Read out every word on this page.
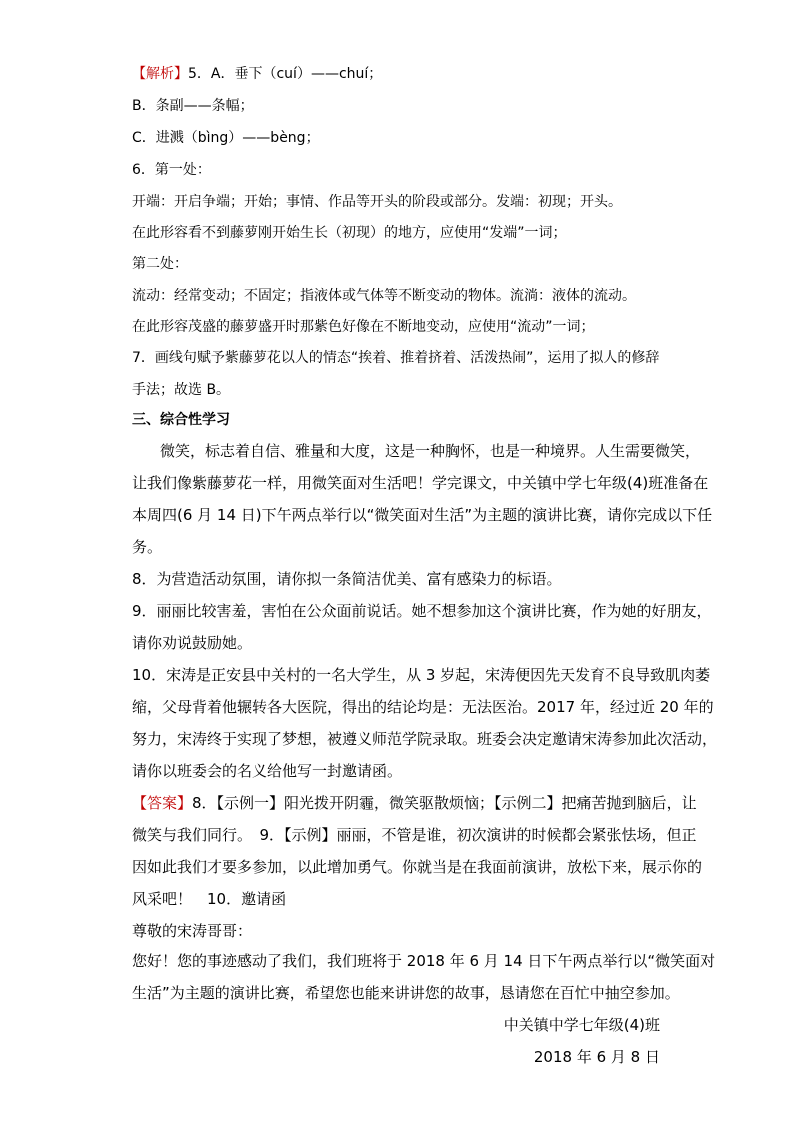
【解析】5．A．垂下（cuí）——chuí；
B．条副——条幅；
C．进溅（bìng）——bèng；
6．第一处：
开端：开启争端；开始；事情、作品等开头的阶段或部分。发端：初现；开头。
在此形容看不到藤萝刚开始生长（初现）的地方，应使用“发端”一词；
第二处：
流动：经常变动；不固定；指液体或气体等不断变动的物体。流淌：液体的流动。
在此形容茂盛的藤萝盛开时那紫色好像在不断地变动，应使用“流动”一词；
7．画线句赋予紫藤萝花以人的情态“挨着、推着挤着、活泼热闹”，运用了拟人的修辞
手法；故选 B。
三、综合性学习
微笑，标志着自信、雅量和大度，这是一种胸怀，也是一种境界。人生需要微笑，
让我们像紫藤萝花一样，用微笑面对生活吧！学完课文，中关镇中学七年级(4)班准备在
本周四(6 月 14 日)下午两点举行以“微笑面对生活”为主题的演讲比赛，请你完成以下任
务。
8．为营造活动氛围，请你拟一条简洁优美、富有感染力的标语。
9．丽丽比较害羞，害怕在公众面前说话。她不想参加这个演讲比赛，作为她的好朋友，
请你劝说鼓励她。
10．宋涛是正安县中关村的一名大学生，从 3 岁起，宋涛便因先天发育不良导致肌肉萎
缩，父母背着他辗转各大医院，得出的结论均是：无法医治。2017 年，经过近 20 年的
努力，宋涛终于实现了梦想，被遵义师范学院录取。班委会决定邀请宋涛参加此次活动，
请你以班委会的名义给他写一封邀请函。
【答案】8．【示例一】阳光拨开阴霾，微笑驱散烦恼；【示例二】把痛苦抛到脑后，让
微笑与我们同行。　9．【示例】丽丽，不管是谁，初次演讲的时候都会紧张怯场，但正
因如此我们才要多参加，以此增加勇气。你就当是在我面前演讲，放松下来，展示你的
风采吧！　10．邀请函
尊敬的宋涛哥哥：
您好！您的事迹感动了我们，我们班将于 2018 年 6 月 14 日下午两点举行以“微笑面对
生活”为主题的演讲比赛，希望您也能来讲讲您的故事，恳请您在百忙中抽空参加。
中关镇中学七年级(4)班
2018 年 6 月 8 日
